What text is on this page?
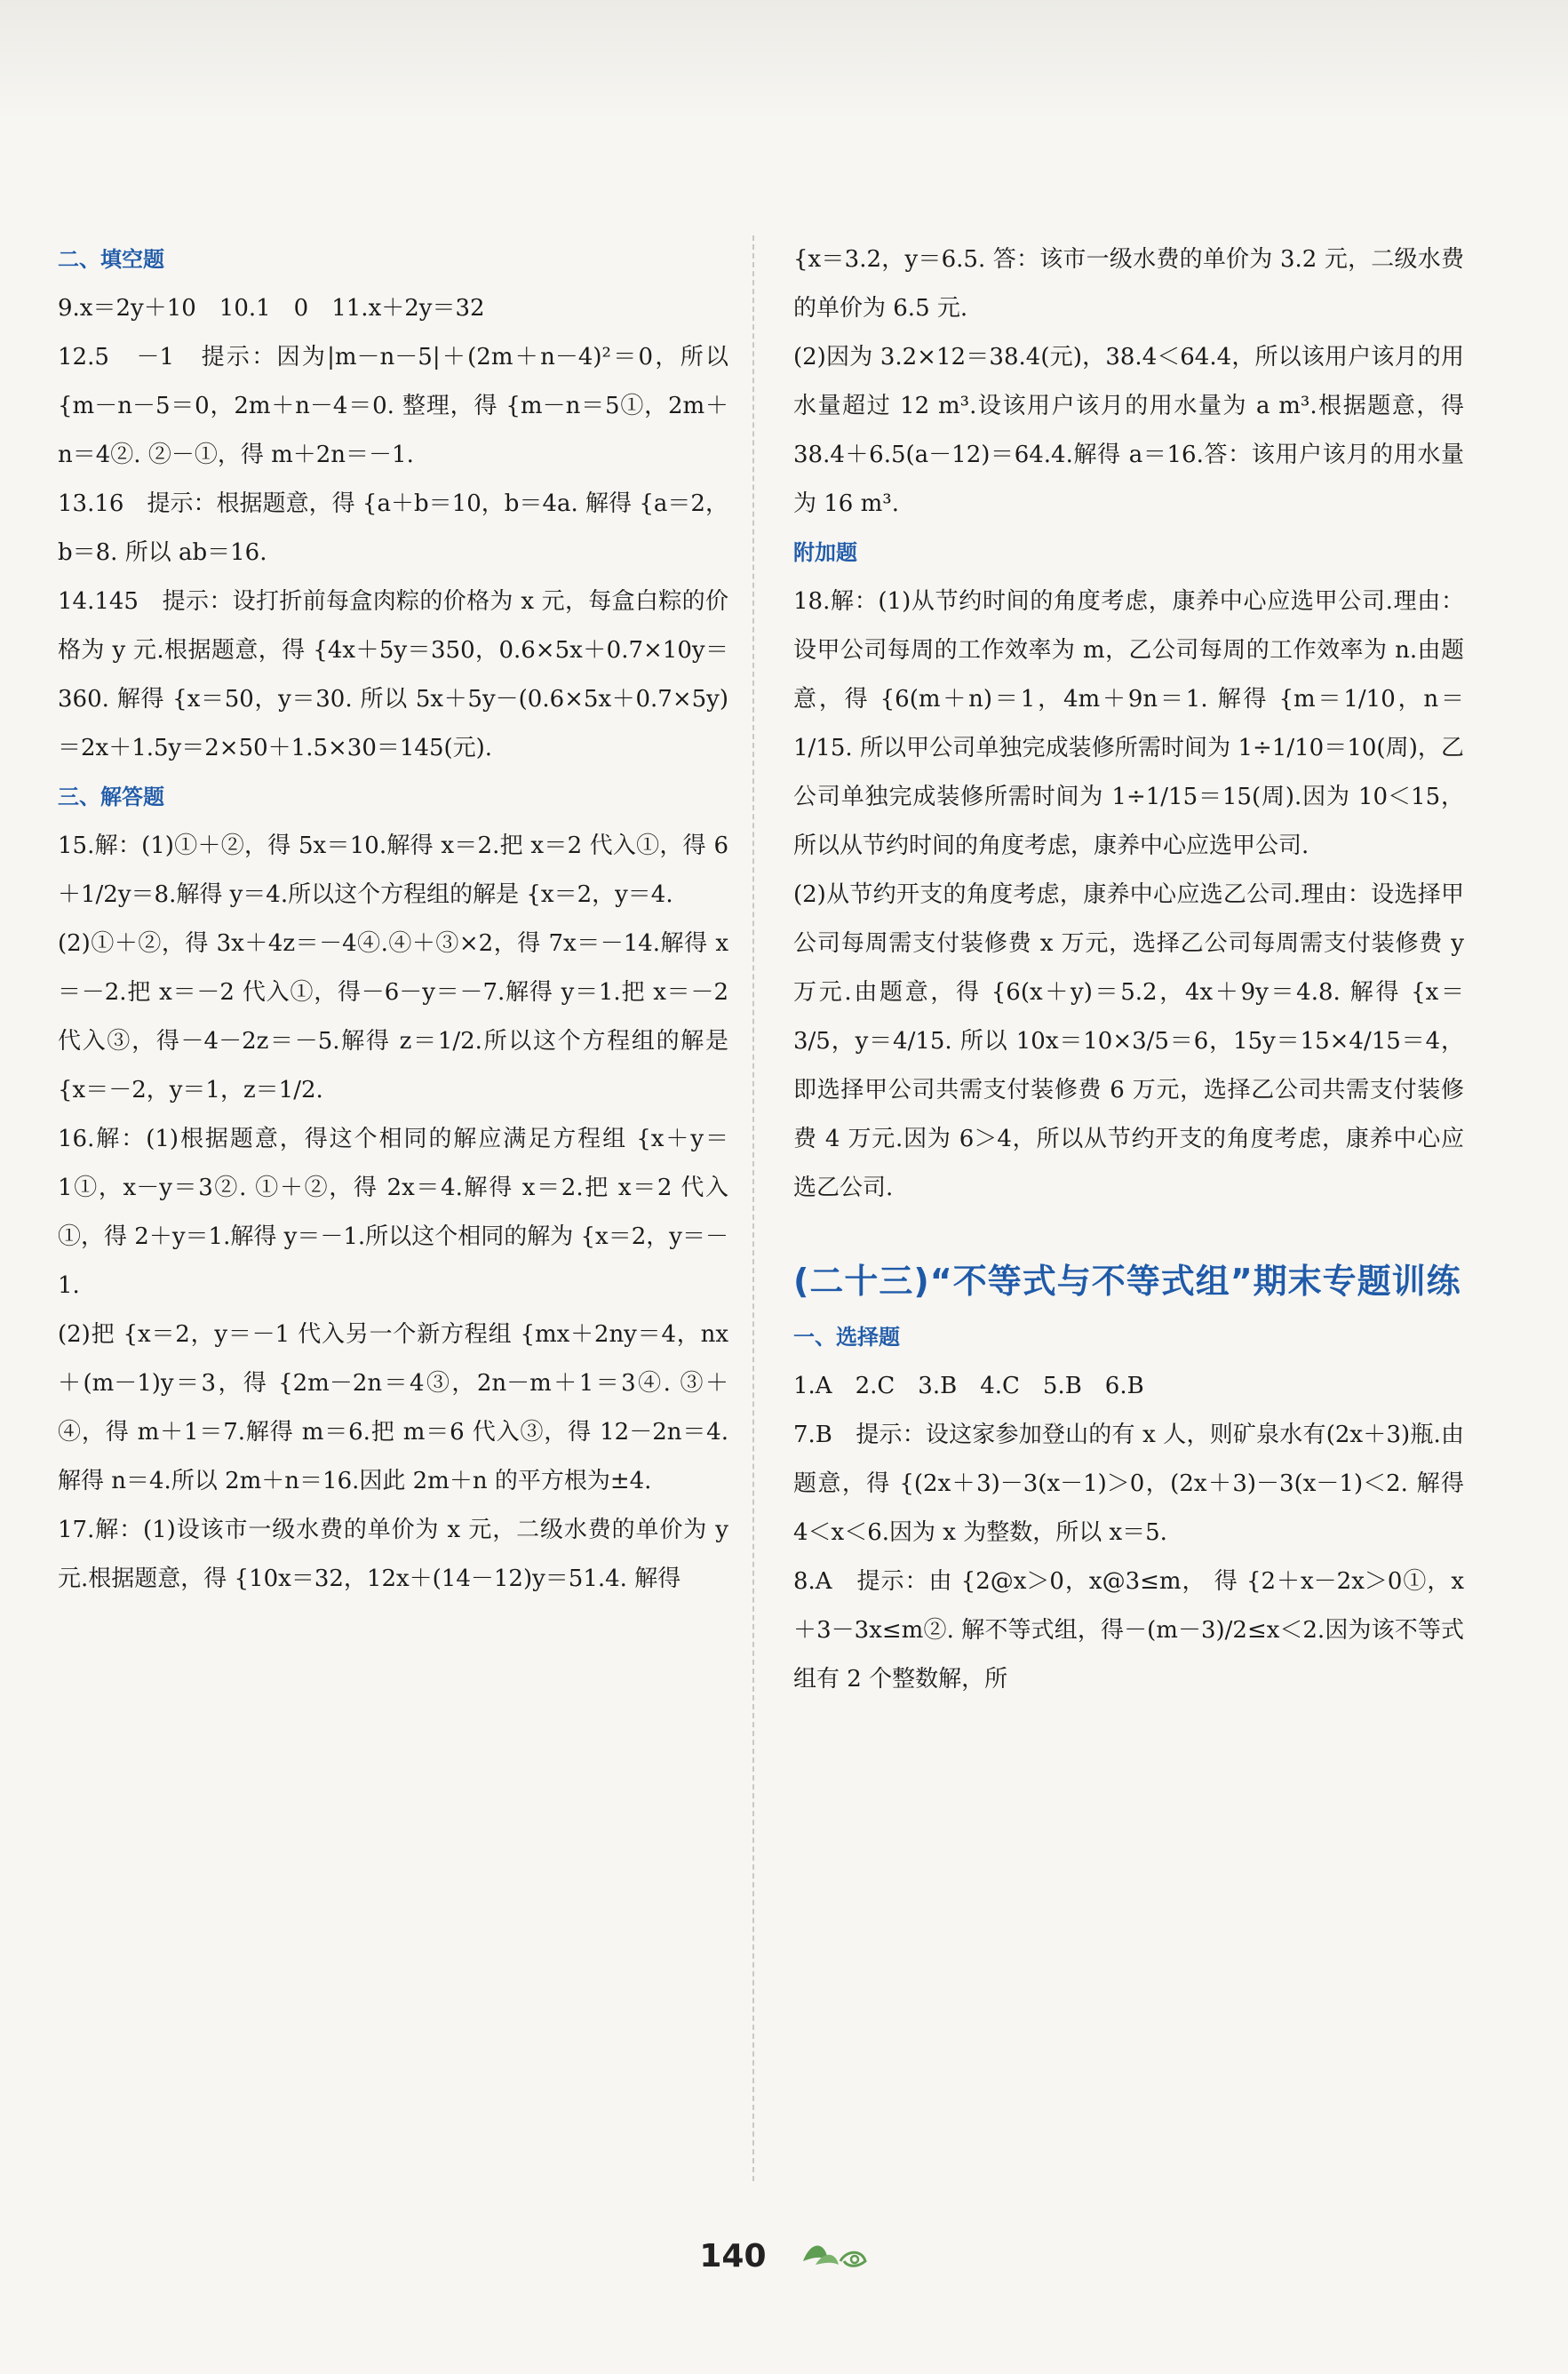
二、填空题

9.x＝2y＋10　10.1　0　11.x＋2y＝32

12.5　－1　提示：因为|m－n－5|＋(2m＋n－4)²＝0，所以 {m－n－5＝0，2m＋n－4＝0. 整理，得 {m－n＝5①，2m＋n＝4②. ②－①，得 m＋2n＝－1.

13.16　提示：根据题意，得 {a＋b＝10，b＝4a. 解得 {a＝2，b＝8. 所以 ab＝16.

14.145　提示：设打折前每盒肉粽的价格为 x 元，每盒白粽的价格为 y 元.根据题意，得 {4x＋5y＝350，0.6×5x＋0.7×10y＝360. 解得 {x＝50，y＝30. 所以 5x＋5y－(0.6×5x＋0.7×5y)＝2x＋1.5y＝2×50＋1.5×30＝145(元).

三、解答题

15.解：(1)①＋②，得 5x＝10.解得 x＝2.把 x＝2 代入①，得 6＋1/2y＝8.解得 y＝4.所以这个方程组的解是 {x＝2，y＝4.

(2)①＋②，得 3x＋4z＝－4④.④＋③×2，得 7x＝－14.解得 x＝－2.把 x＝－2 代入①，得－6－y＝－7.解得 y＝1.把 x＝－2 代入③，得－4－2z＝－5.解得 z＝1/2.所以这个方程组的解是 {x＝－2，y＝1，z＝1/2.

16.解：(1)根据题意，得这个相同的解应满足方程组 {x＋y＝1①，x－y＝3②. ①＋②，得 2x＝4.解得 x＝2.把 x＝2 代入①，得 2＋y＝1.解得 y＝－1.所以这个相同的解为 {x＝2，y＝－1.

(2)把 {x＝2，y＝－1 代入另一个新方程组 {mx＋2ny＝4，nx＋(m－1)y＝3，得 {2m－2n＝4③，2n－m＋1＝3④. ③＋④，得 m＋1＝7.解得 m＝6.把 m＝6 代入③，得 12－2n＝4.解得 n＝4.所以 2m＋n＝16.因此 2m＋n 的平方根为±4.

17.解：(1)设该市一级水费的单价为 x 元，二级水费的单价为 y 元.根据题意，得 {10x＝32，12x＋(14－12)y＝51.4. 解得

{x＝3.2，y＝6.5. 答：该市一级水费的单价为 3.2 元，二级水费的单价为 6.5 元.

(2)因为 3.2×12＝38.4(元)，38.4＜64.4，所以该用户该月的用水量超过 12 m³.设该用户该月的用水量为 a m³.根据题意，得 38.4＋6.5(a－12)＝64.4.解得 a＝16.答：该用户该月的用水量为 16 m³.

附加题

18.解：(1)从节约时间的角度考虑，康养中心应选甲公司.理由：设甲公司每周的工作效率为 m，乙公司每周的工作效率为 n.由题意，得 {6(m＋n)＝1，4m＋9n＝1. 解得 {m＝1/10，n＝1/15. 所以甲公司单独完成装修所需时间为 1÷1/10＝10(周)，乙公司单独完成装修所需时间为 1÷1/15＝15(周).因为 10＜15，所以从节约时间的角度考虑，康养中心应选甲公司.

(2)从节约开支的角度考虑，康养中心应选乙公司.理由：设选择甲公司每周需支付装修费 x 万元，选择乙公司每周需支付装修费 y 万元.由题意，得 {6(x＋y)＝5.2，4x＋9y＝4.8. 解得 {x＝3/5，y＝4/15. 所以 10x＝10×3/5＝6，15y＝15×4/15＝4，即选择甲公司共需支付装修费 6 万元，选择乙公司共需支付装修费 4 万元.因为 6＞4，所以从节约开支的角度考虑，康养中心应选乙公司.

(二十三)“不等式与不等式组”期末专题训练

一、选择题

1.A　2.C　3.B　4.C　5.B　6.B

7.B　提示：设这家参加登山的有 x 人，则矿泉水有(2x＋3)瓶.由题意，得 {(2x＋3)－3(x－1)＞0，(2x＋3)－3(x－1)＜2. 解得 4＜x＜6.因为 x 为整数，所以 x＝5.

8.A　提示：由 {2@x＞0，x@3≤m， 得 {2＋x－2x＞0①，x＋3－3x≤m②. 解不等式组，得－(m－3)/2≤x＜2.因为该不等式组有 2 个整数解，所

140
